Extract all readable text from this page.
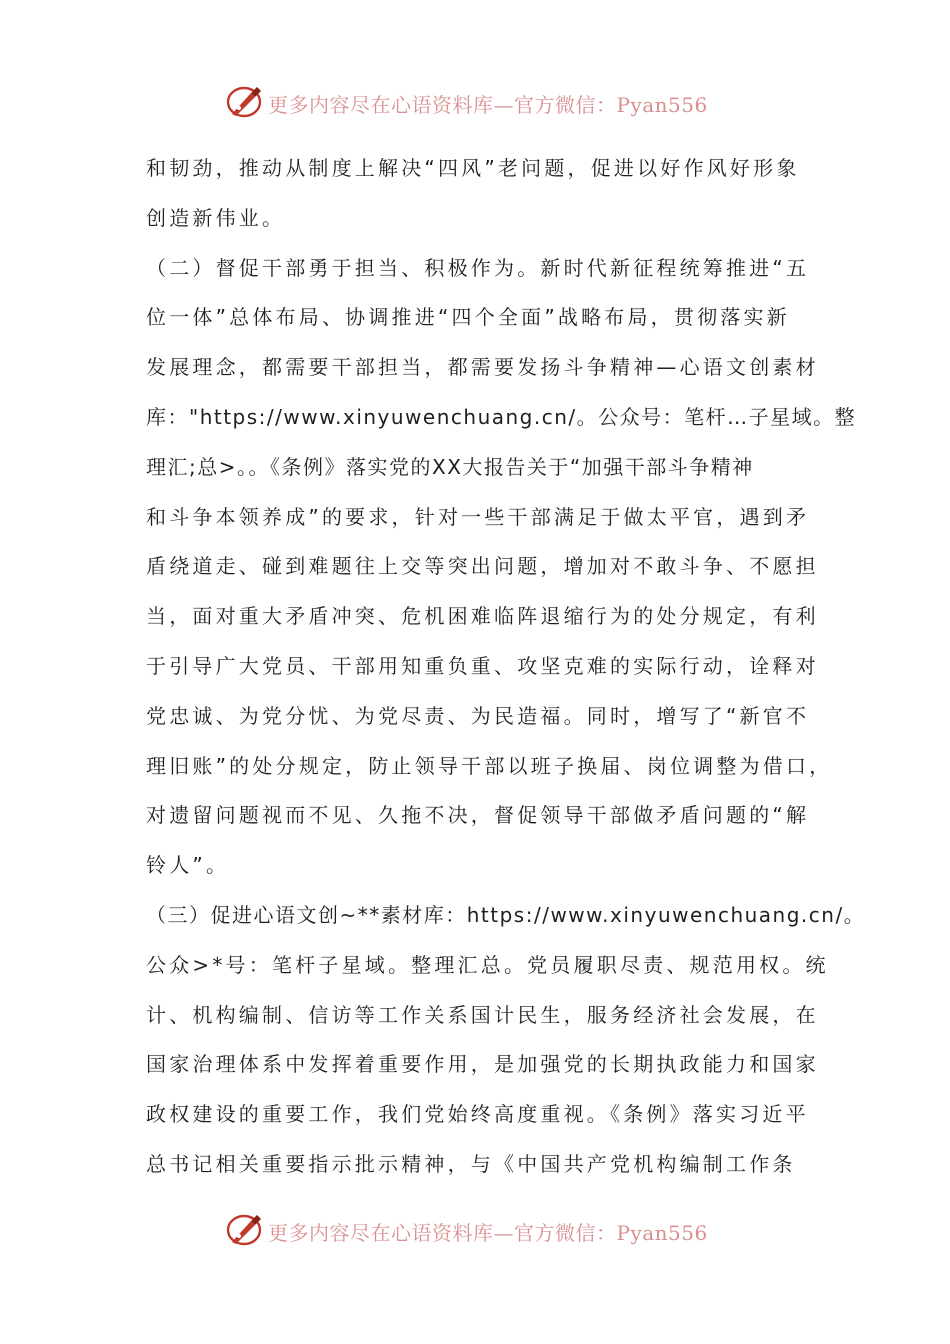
更多内容尽在心语资料库—官方微信：Pyan556
和韧劲，推动从制度上解决“四风”老问题，促进以好作风好形象
创造新伟业。
（二）督促干部勇于担当、积极作为。新时代新征程统筹推进“五
位一体”总体布局、协调推进“四个全面”战略布局，贯彻落实新
发展理念，都需要干部担当，都需要发扬斗争精神—心语文创素材
库："https://www.xinyuwenchuang.cn/。公众号：笔杆…子星域。整
理汇;总>。。《条例》落实党的XX大报告关于“加强干部斗争精神
和斗争本领养成”的要求，针对一些干部满足于做太平官，遇到矛
盾绕道走、碰到难题往上交等突出问题，增加对不敢斗争、不愿担
当，面对重大矛盾冲突、危机困难临阵退缩行为的处分规定，有利
于引导广大党员、干部用知重负重、攻坚克难的实际行动，诠释对
党忠诚、为党分忧、为党尽责、为民造福。同时，增写了“新官不
理旧账”的处分规定，防止领导干部以班子换届、岗位调整为借口，
对遗留问题视而不见、久拖不决，督促领导干部做矛盾问题的“解
铃人”。
（三）促进心语文创~**素材库：https://www.xinyuwenchuang.cn/。
公众>*号：笔杆子星域。整理汇总。党员履职尽责、规范用权。统
计、机构编制、信访等工作关系国计民生，服务经济社会发展，在
国家治理体系中发挥着重要作用，是加强党的长期执政能力和国家
政权建设的重要工作，我们党始终高度重视。《条例》落实习近平
总书记相关重要指示批示精神，与《中国共产党机构编制工作条
更多内容尽在心语资料库—官方微信：Pyan556
